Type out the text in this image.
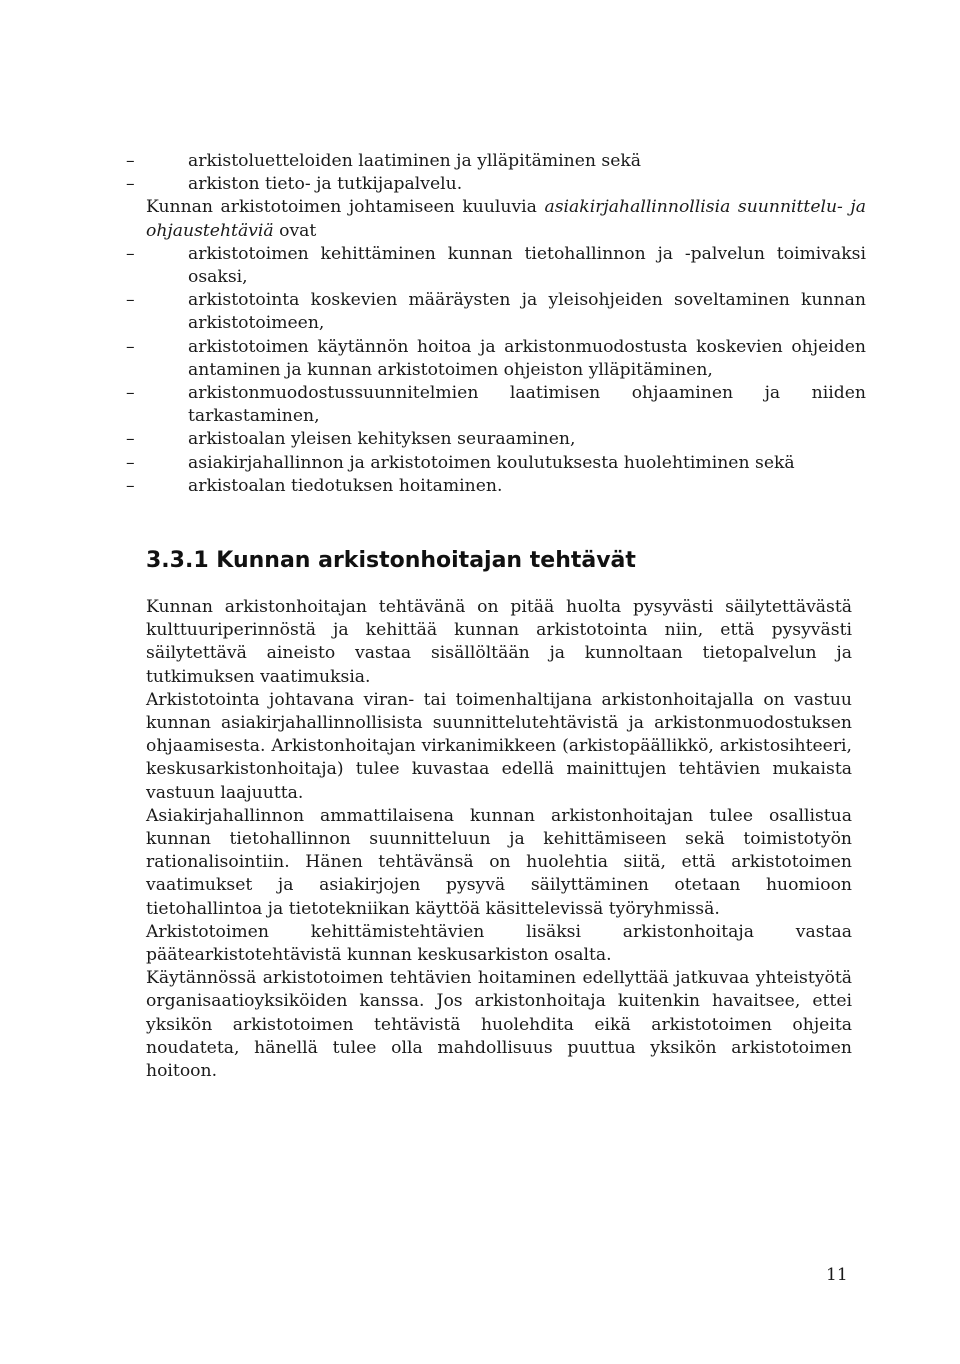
– arkistoluetteloiden laatiminen ja ylläpitäminen sekä
– arkiston tieto- ja tutkijapalvelu.
Kunnan arkistotoimen johtamiseen kuuluvia asiakirjahallinnollisia suunnittelu- ja ohjaustehtäviä ovat
– arkistotoimen kehittäminen kunnan tietohallinnon ja -palvelun toimivaksi osaksi,
– arkistotointa koskevien määräysten ja yleisohjeiden soveltaminen kunnan arkistotoimeen,
– arkistotoimen käytännön hoitoa ja arkistonmuodostusta koskevien ohjeiden antaminen ja kunnan arkistotoimen ohjeiston ylläpitäminen,
– arkistonmuodostussuunnitelmien laatimisen ohjaaminen ja niiden tarkastaminen,
– arkistoalan yleisen kehityksen seuraaminen,
– asiakirjahallinnon ja arkistotoimen koulutuksesta huolehtiminen sekä
– arkistoalan tiedotuksen hoitaminen.
3.3.1 Kunnan arkistonhoitajan tehtävät

Kunnan arkistonhoitajan tehtävänä on pitää huolta pysyvästi säilytettävästä kulttuuriperinnöstä ja kehittää kunnan arkistotointa niin, että pysyvästi säilytettävä aineisto vastaa sisällöltään ja kunnoltaan tietopalvelun ja tutkimuksen vaatimuksia.

Arkistotointa johtavana viran- tai toimenhaltijana arkistonhoitajalla on vastuu kunnan asiakirjahallinnollisista suunnittelutehtävistä ja arkistonmuodostuksen ohjaamisesta. Arkistonhoitajan virkanimikkeen (arkistopäällikkö, arkistosihteeri, keskusarkistonhoitaja) tulee kuvastaa edellä mainittujen tehtävien mukaista vastuun laajuutta.

Asiakirjahallinnon ammattilaisena kunnan arkistonhoitajan tulee osallistua kunnan tietohallinnon suunnitteluun ja kehittämiseen sekä toimistotyön rationalisointiin. Hänen tehtävänsä on huolehtia siitä, että arkistotoimen vaatimukset ja asiakirjojen pysyvä säilyttäminen otetaan huomioon tietohallintoa ja tietotekniikan käyttöä käsittelevissä työryhmissä.

Arkistotoimen kehittämistehtävien lisäksi arkistonhoitaja vastaa päätearkistotehtävistä kunnan keskusarkiston osalta.

Käytännössä arkistotoimen tehtävien hoitaminen edellyttää jatkuvaa yhteistyötä organisaatioyksiköiden kanssa. Jos arkistonhoitaja kuitenkin havaitsee, ettei yksikön arkistotoimen tehtävistä huolehdita eikä arkistotoimen ohjeita noudateta, hänellä tulee olla mahdollisuus puuttua yksikön arkistotoimen hoitoon.

11
